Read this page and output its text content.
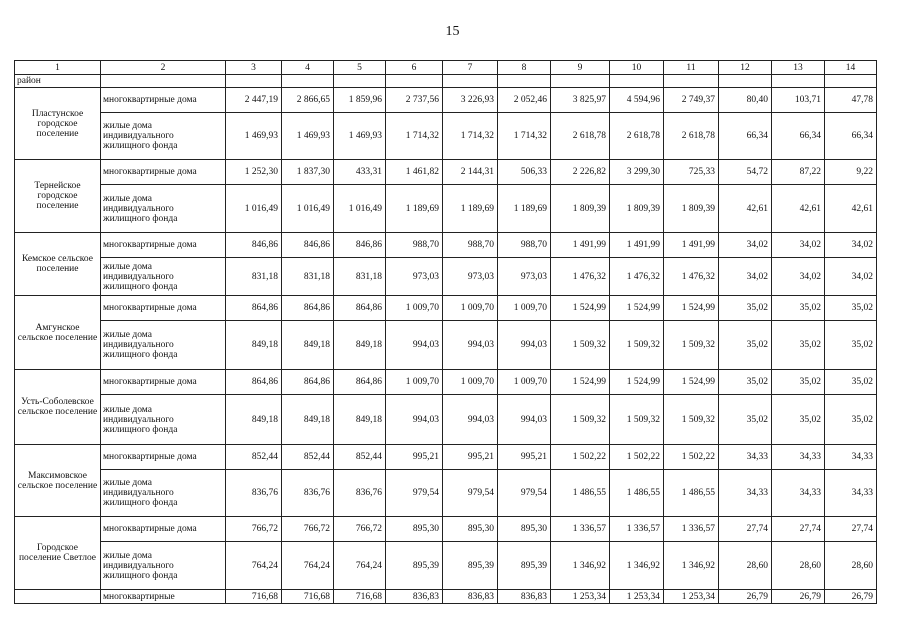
15
1	2	3	4	5	6	7	8	9	10	11	12	13	14
район													
Пластунское городское поселение	многоквартирные дома	2 447,19	2 866,65	1 859,96	2 737,56	3 226,93	2 052,46	3 825,97	4 594,96	2 749,37	80,40	103,71	47,78
	жилые дома индивидуального жилищного фонда	1 469,93	1 469,93	1 469,93	1 714,32	1 714,32	1 714,32	2 618,78	2 618,78	2 618,78	66,34	66,34	66,34
Тернейское городское поселение	многоквартирные дома	1 252,30	1 837,30	433,31	1 461,82	2 144,31	506,33	2 226,82	3 299,30	725,33	54,72	87,22	9,22
	жилые дома индивидуального жилищного фонда	1 016,49	1 016,49	1 016,49	1 189,69	1 189,69	1 189,69	1 809,39	1 809,39	1 809,39	42,61	42,61	42,61
Кемское сельское поселение	многоквартирные дома	846,86	846,86	846,86	988,70	988,70	988,70	1 491,99	1 491,99	1 491,99	34,02	34,02	34,02
	жилые дома индивидуального жилищного фонда	831,18	831,18	831,18	973,03	973,03	973,03	1 476,32	1 476,32	1 476,32	34,02	34,02	34,02
Амгунское сельское поселение	многоквартирные дома	864,86	864,86	864,86	1 009,70	1 009,70	1 009,70	1 524,99	1 524,99	1 524,99	35,02	35,02	35,02
	жилые дома индивидуального жилищного фонда	849,18	849,18	849,18	994,03	994,03	994,03	1 509,32	1 509,32	1 509,32	35,02	35,02	35,02
Усть-Соболевское сельское поселение	многоквартирные дома	864,86	864,86	864,86	1 009,70	1 009,70	1 009,70	1 524,99	1 524,99	1 524,99	35,02	35,02	35,02
	жилые дома индивидуального жилищного фонда	849,18	849,18	849,18	994,03	994,03	994,03	1 509,32	1 509,32	1 509,32	35,02	35,02	35,02
Максимовское сельское поселение	многоквартирные дома	852,44	852,44	852,44	995,21	995,21	995,21	1 502,22	1 502,22	1 502,22	34,33	34,33	34,33
	жилые дома индивидуального жилищного фонда	836,76	836,76	836,76	979,54	979,54	979,54	1 486,55	1 486,55	1 486,55	34,33	34,33	34,33
Городское поселение Светлое	многоквартирные дома	766,72	766,72	766,72	895,30	895,30	895,30	1 336,57	1 336,57	1 336,57	27,74	27,74	27,74
	жилые дома индивидуального жилищного фонда	764,24	764,24	764,24	895,39	895,39	895,39	1 346,92	1 346,92	1 346,92	28,60	28,60	28,60
	многоквартирные	716,68	716,68	716,68	836,83	836,83	836,83	1 253,34	1 253,34	1 253,34	26,79	26,79	26,79
